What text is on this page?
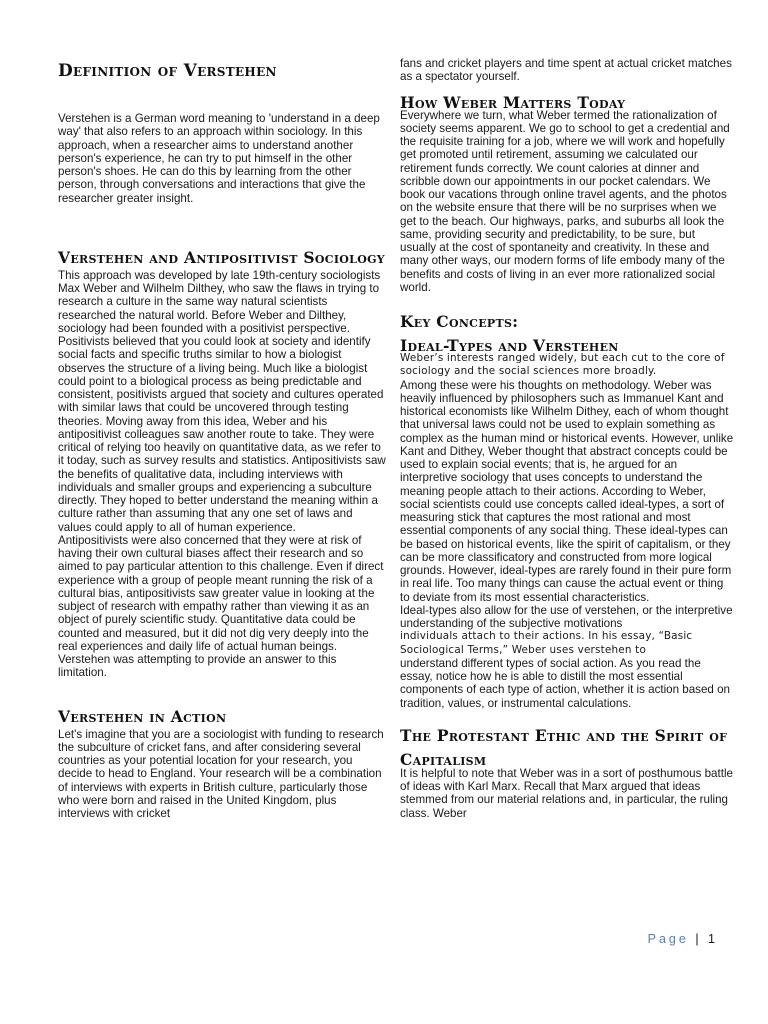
Definition of Verstehen

Verstehen is a German word meaning to 'understand in a deep way' that also refers to an approach within sociology. In this approach, when a researcher aims to understand another person's experience, he can try to put himself in the other person's shoes. He can do this by learning from the other person, through conversations and interactions that give the researcher greater insight.

Verstehen and Antipositivist Sociology

This approach was developed by late 19th-century sociologists Max Weber and Wilhelm Dilthey, who saw the flaws in trying to research a culture in the same way natural scientists researched the natural world. Before Weber and Dilthey, sociology had been founded with a positivist perspective. Positivists believed that you could look at society and identify social facts and specific truths similar to how a biologist observes the structure of a living being. Much like a biologist could point to a biological process as being predictable and consistent, positivists argued that society and cultures operated with similar laws that could be uncovered through testing theories. Moving away from this idea, Weber and his antipositivist colleagues saw another route to take. They were critical of relying too heavily on quantitative data, as we refer to it today, such as survey results and statistics. Antipositivists saw the benefits of qualitative data, including interviews with individuals and smaller groups and experiencing a subculture directly. They hoped to better understand the meaning within a culture rather than assuming that any one set of laws and values could apply to all of human experience.

Antipositivists were also concerned that they were at risk of having their own cultural biases affect their research and so aimed to pay particular attention to this challenge. Even if direct experience with a group of people meant running the risk of a cultural bias, antipositivists saw greater value in looking at the subject of research with empathy rather than viewing it as an object of purely scientific study. Quantitative data could be counted and measured, but it did not dig very deeply into the real experiences and daily life of actual human beings. Verstehen was attempting to provide an answer to this limitation.

Verstehen in Action

Let's imagine that you are a sociologist with funding to research the subculture of cricket fans, and after considering several countries as your potential location for your research, you decide to head to England. Your research will be a combination of interviews with experts in British culture, particularly those who were born and raised in the United Kingdom, plus interviews with cricket

fans and cricket players and time spent at actual cricket matches as a spectator yourself.

How Weber Matters Today

Everywhere we turn, what Weber termed the rationalization of society seems apparent. We go to school to get a credential and the requisite training for a job, where we will work and hopefully get promoted until retirement, assuming we calculated our retirement funds correctly. We count calories at dinner and scribble down our appointments in our pocket calendars. We book our vacations through online travel agents, and the photos on the website ensure that there will be no surprises when we get to the beach. Our highways, parks, and suburbs all look the same, providing security and predictability, to be sure, but usually at the cost of spontaneity and creativity. In these and many other ways, our modern forms of life embody many of the benefits and costs of living in an ever more rationalized social world.

Key Concepts:
Ideal-Types and Verstehen

Weber’s interests ranged widely, but each cut to the core of sociology and the social sciences more broadly.

Among these were his thoughts on methodology. Weber was heavily influenced by philosophers such as Immanuel Kant and historical economists like Wilhelm Dithey, each of whom thought that universal laws could not be used to explain something as complex as the human mind or historical events. However, unlike Kant and Dithey, Weber thought that abstract concepts could be used to explain social events; that is, he argued for an interpretive sociology that uses concepts to understand the meaning people attach to their actions. According to Weber, social scientists could use concepts called ideal-types, a sort of measuring stick that captures the most rational and most essential components of any social thing. These ideal-types can be based on historical events, like the spirit of capitalism, or they can be more classificatory and constructed from more logical grounds. However, ideal-types are rarely found in their pure form in real life. Too many things can cause the actual event or thing to deviate from its most essential characteristics.

Ideal-types also allow for the use of verstehen, or the interpretive understanding of the subjective motivations

individuals attach to their actions. In his essay, “Basic Sociological Terms,” Weber uses verstehen to

understand different types of social action. As you read the essay, notice how he is able to distill the most essential components of each type of action, whether it is action based on tradition, values, or instrumental calculations.

The Protestant Ethic and the Spirit of Capitalism

It is helpful to note that Weber was in a sort of posthumous battle of ideas with Karl Marx. Recall that Marx argued that ideas stemmed from our material relations and, in particular, the ruling class. Weber

Page | 1
